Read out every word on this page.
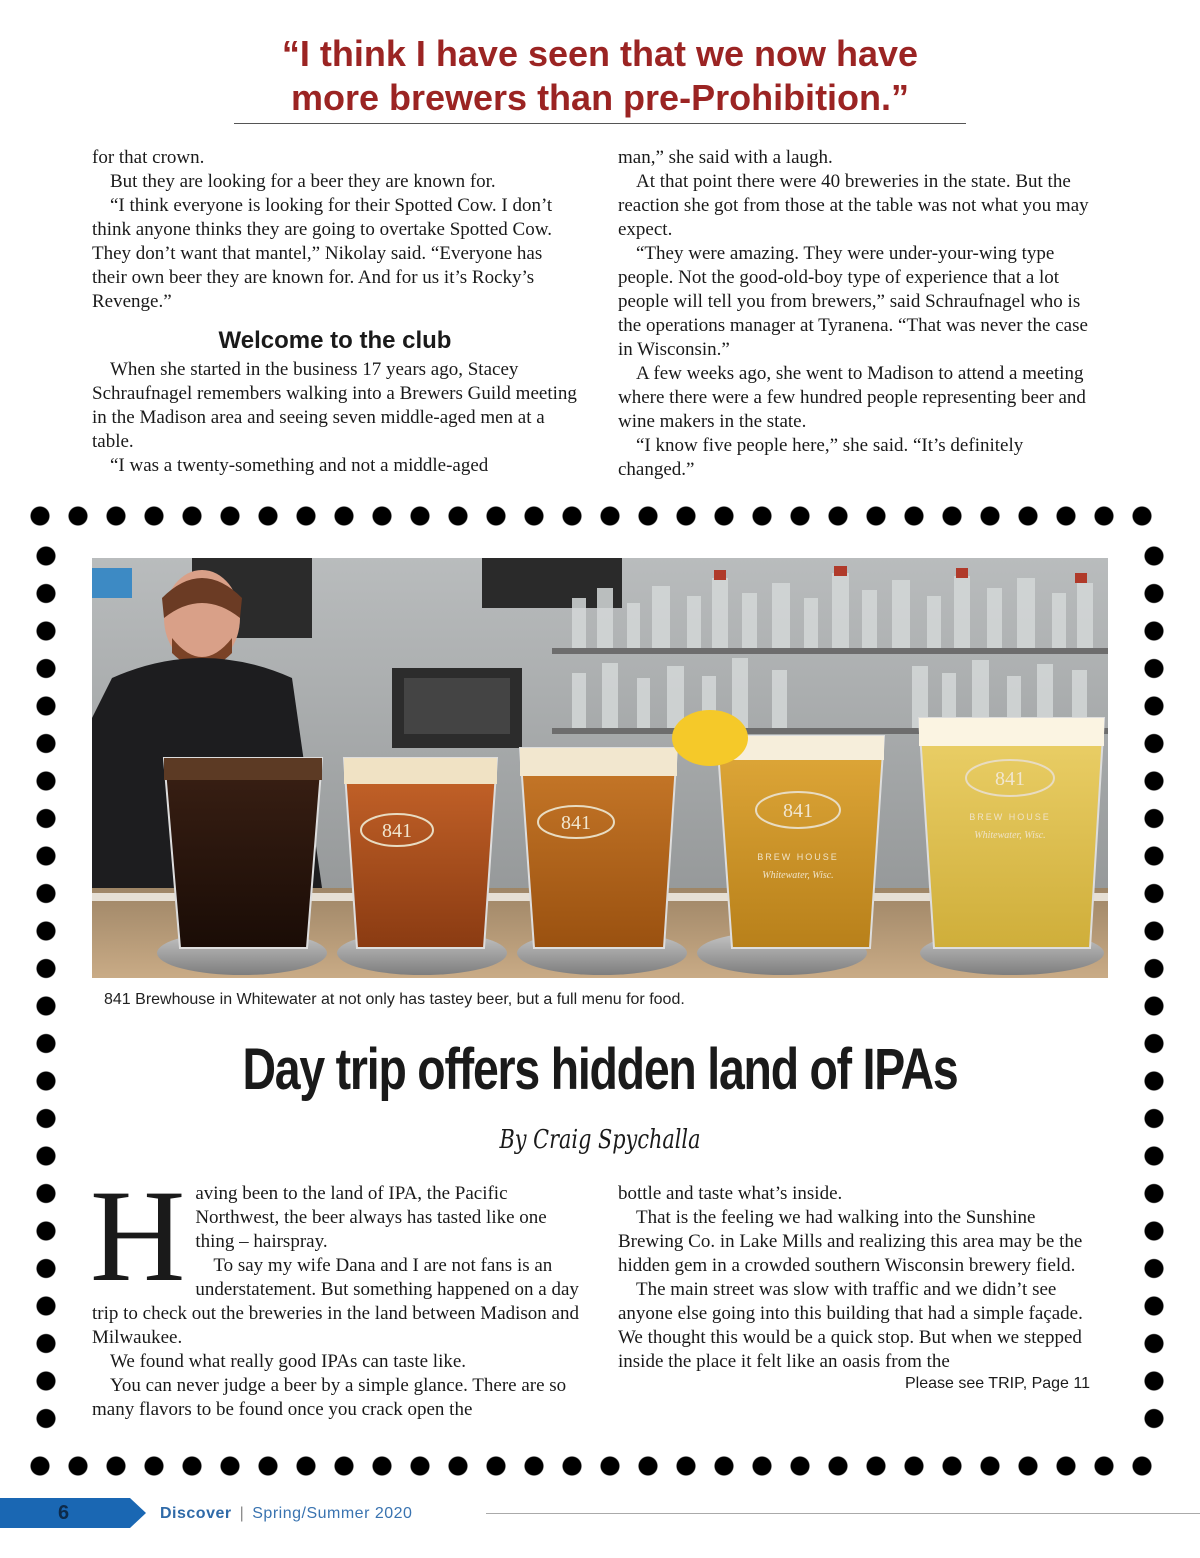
“I think I have seen that we now have
more brewers than pre-Prohibition.”

for that crown.

But they are looking for a beer they are known for.

“I think everyone is looking for their Spotted Cow. I don’t think anyone thinks they are going to overtake Spotted Cow. They don’t want that mantel,” Nikolay said. “Everyone has their own beer they are known for. And for us it’s Rocky’s Revenge.”

Welcome to the club

When she started in the business 17 years ago, Stacey Schraufnagel remembers walking into a Brewers Guild meeting in the Madison area and seeing seven middle-aged men at a table.

“I was a twenty-something and not a middle-aged

man,” she said with a laugh.

At that point there were 40 breweries in the state. But the reaction she got from those at the table was not what you may expect.

“They were amazing. They were under-your-wing type people. Not the good-old-boy type of experience that a lot people will tell you from brewers,” said Schraufnagel who is the operations manager at Tyranena. “That was never the case in Wisconsin.”

A few weeks ago, she went to Madison to attend a meeting where there were a few hundred people representing beer and wine makers in the state.

“I know five people here,” she said. “It’s definitely changed.”

841	841
841
841
BREW HOUSE
BREW HOUSE
Whitewater, Wisc.
Whitewater, Wisc.
841 Brewhouse in Whitewater at not only has tastey beer, but a full menu for food.
Day trip offers hidden land of IPAs
By Craig Spychalla
H aving been to the land of IPA, the Pacific Northwest, the beer always has tasted like one thing – hairspray.

To say my wife Dana and I are not fans is an understatement. But something happened on a day trip to check out the breweries in the land between Madison and Milwaukee.

We found what really good IPAs can taste like.

You can never judge a beer by a simple glance. There are so many flavors to be found once you crack open the

bottle and taste what’s inside.

That is the feeling we had walking into the Sunshine Brewing Co. in Lake Mills and realizing this area may be the hidden gem in a crowded southern Wisconsin brewery field.

The main street was slow with traffic and we didn’t see anyone else going into this building that had a simple façade. We thought this would be a quick stop. But when we stepped inside the place it felt like an oasis from the

Please see TRIP, Page 11
6	Discover | Spring/Summer 2020
